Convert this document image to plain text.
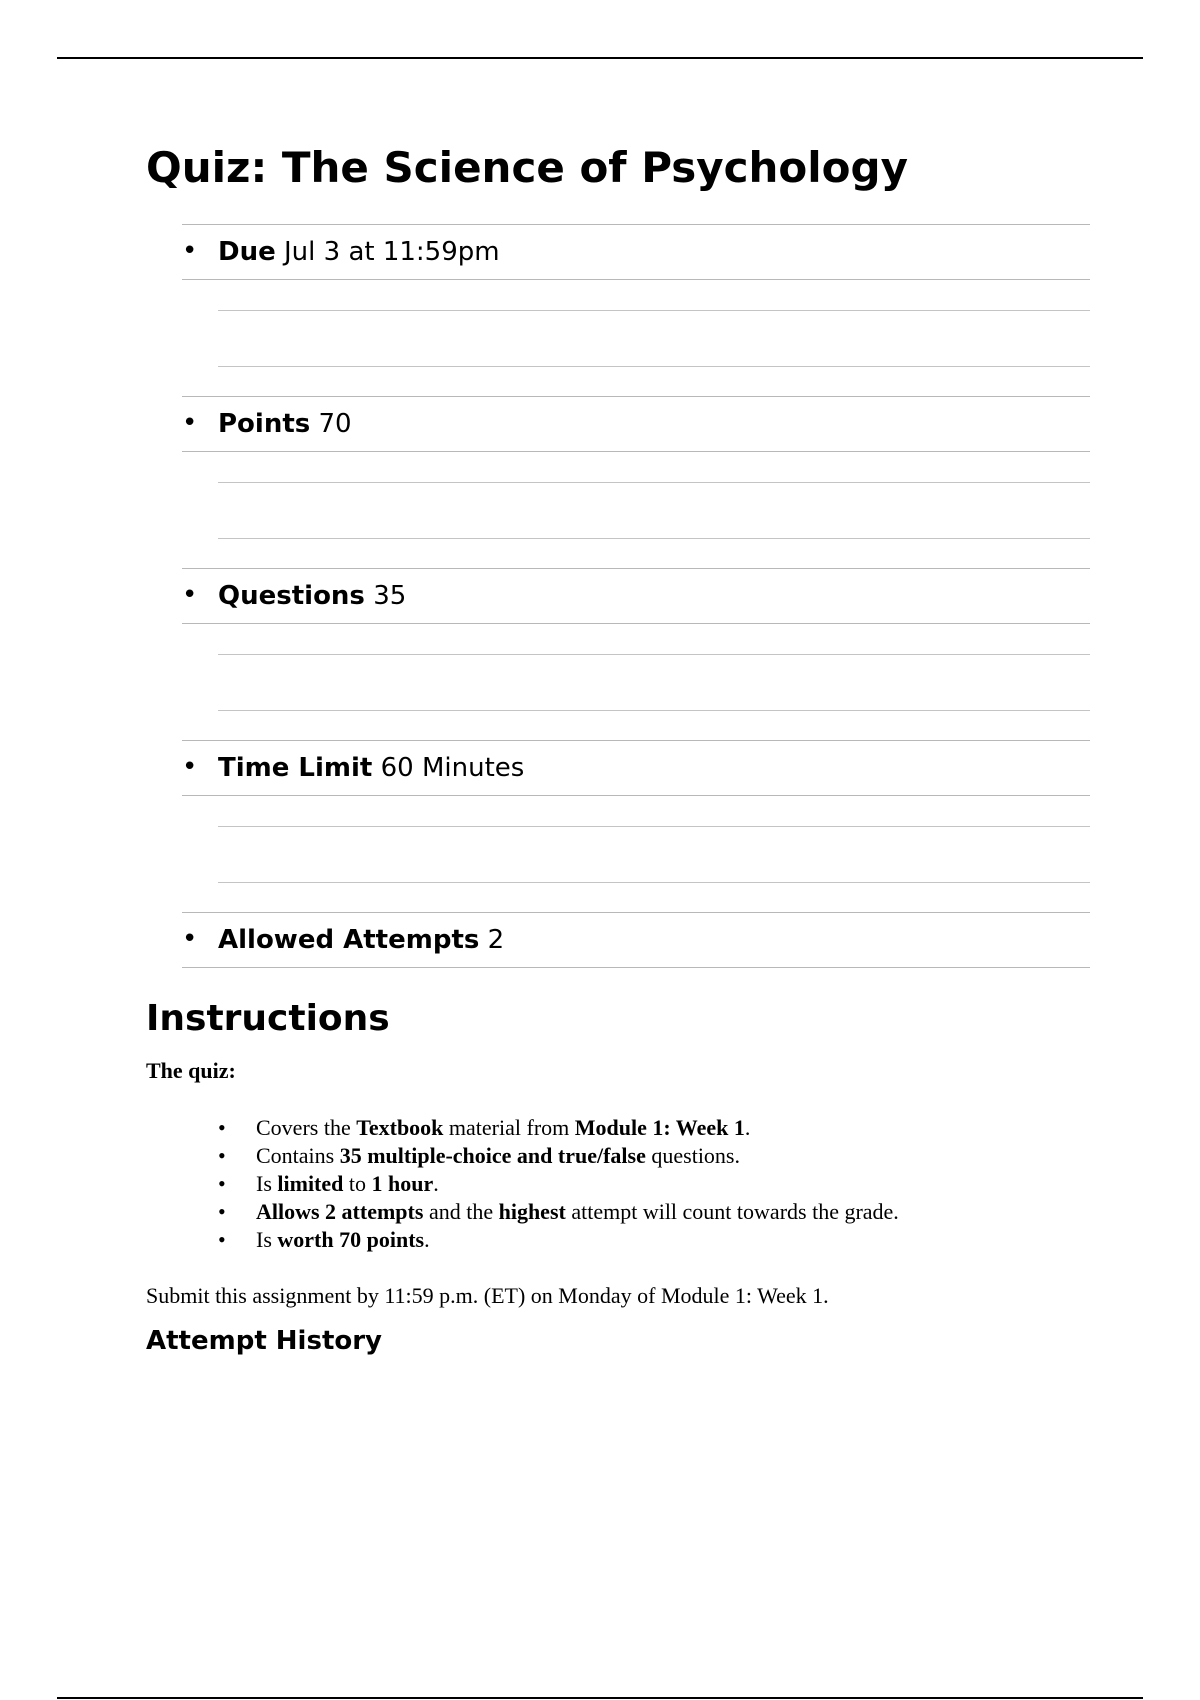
Quiz: The Science of Psychology
• Due Jul 3 at 11:59pm
• Points 70
• Questions 35
• Time Limit 60 Minutes
• Allowed Attempts 2
Instructions
The quiz:
• Covers the Textbook material from Module 1: Week 1.
• Contains 35 multiple-choice and true/false questions.
• Is limited to 1 hour.
• Allows 2 attempts and the highest attempt will count towards the grade.
• Is worth 70 points.
Submit this assignment by 11:59 p.m. (ET) on Monday of Module 1: Week 1.
Attempt History
